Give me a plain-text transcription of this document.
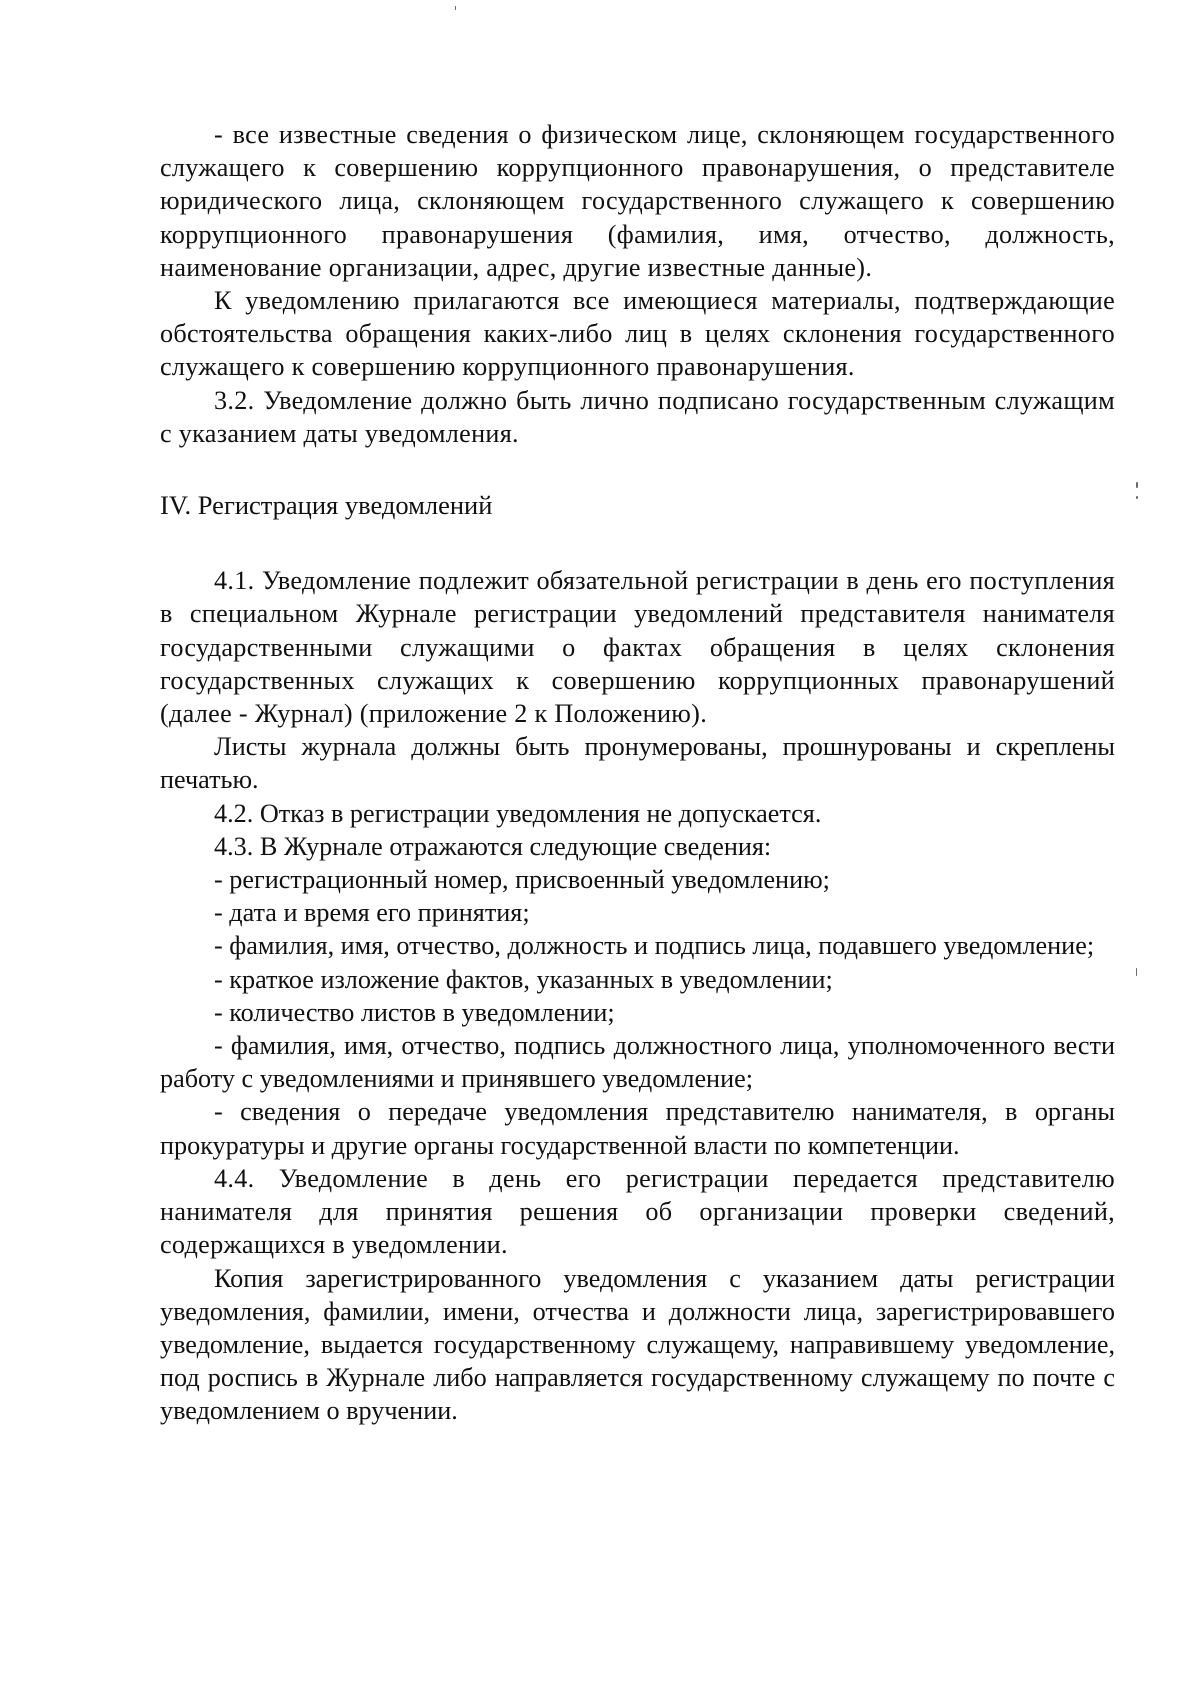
- все известные сведения о физическом лице, склоняющем государственного служащего к совершению коррупционного правонарушения, о представителе юридического лица, склоняющем государственного служащего к совершению коррупционного правонарушения (фамилия, имя, отчество, должность, наименование организации, адрес, другие известные данные).

К уведомлению прилагаются все имеющиеся материалы, подтверждающие обстоятельства обращения каких-либо лиц в целях склонения государственного служащего к совершению коррупционного правонарушения.

3.2. Уведомление должно быть лично подписано государственным служащим с указанием даты уведомления.

IV. Регистрация уведомлений

4.1. Уведомление подлежит обязательной регистрации в день его поступления в специальном Журнале регистрации уведомлений представителя нанимателя государственными служащими о фактах обращения в целях склонения государственных служащих к совершению коррупционных правонарушений (далее - Журнал) (приложение 2 к Положению).

Листы журнала должны быть пронумерованы, прошнурованы и скреплены печатью.

4.2. Отказ в регистрации уведомления не допускается.

4.3. В Журнале отражаются следующие сведения:

- регистрационный номер, присвоенный уведомлению;

- дата и время его принятия;

- фамилия, имя, отчество, должность и подпись лица, подавшего уведомление;

- краткое изложение фактов, указанных в уведомлении;

- количество листов в уведомлении;

- фамилия, имя, отчество, подпись должностного лица, уполномоченного вести работу с уведомлениями и принявшего уведомление;

- сведения о передаче уведомления представителю нанимателя, в органы прокуратуры и другие органы государственной власти по компетенции.

4.4. Уведомление в день его регистрации передается представителю нанимателя для принятия решения об организации проверки сведений, содержащихся в уведомлении.

Копия зарегистрированного уведомления с указанием даты регистрации уведомления, фамилии, имени, отчества и должности лица, зарегистрировавшего уведомление, выдается государственному служащему, направившему уведомление, под роспись в Журнале либо направляется государственному служащему по почте с уведомлением о вручении.
